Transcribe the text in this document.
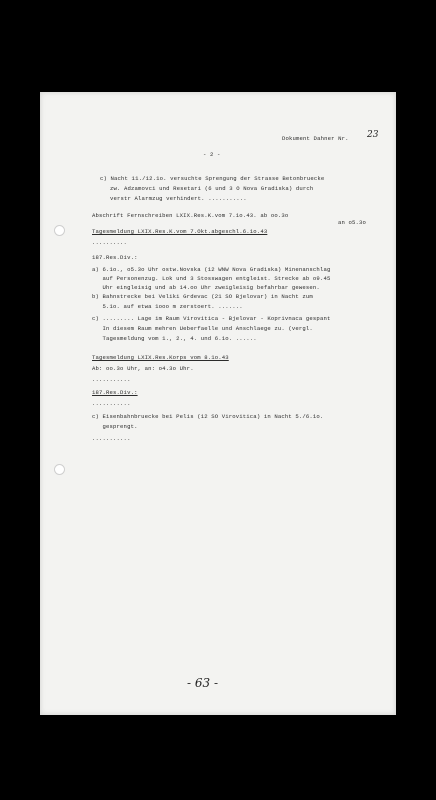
Dokument Dahner Nr. 23
- 2 -
c) Nacht 11./12.1o. versuchte Sprengung der Strasse Betonbruecke
zw. Adzamovci und Resetari (6 und 3 O Nova Gradiska) durch
verstr Alarmzug verhindert. ...........
Abschrift Fernschreiben LXIX.Res.K.vom 7.1o.43. ab oo.3o
an o5.3o
Tagesmeldung LXIX.Res.K.vom 7.Okt.abgeschl.6.1o.43
..........
187.Res.Div.:
a) 6.1o., o5.3o Uhr ostw.Novska (12 WNW Nova Gradiska) Minenanschlag
auf Personenzug. Lok und 3 Stosswagen entgleist. Strecke ab o9.45
Uhr eingleisig und ab 14.oo Uhr zweigleisig befahrbar gewesen.
b) Bahnstrecke bei Veliki Grdevac (21 SO Bjelovar) in Nacht zum
5.1o. auf etwa 1ooo m zerstoert. .......
c) ......... Lage im Raum Virovitica - Bjelovar - Koprivnaca gespant
In diesem Raum mehren Ueberfaelle und Anschlaege zu. (vergl.
Tagesmeldung vom 1., 2., 4. und 6.1o. ......
Tagesmeldung LXIX.Res.Korps vom 8.1o.43
Ab: oo.3o Uhr, an: o4.3o Uhr.
...........
187.Res.Div.:
...........
c) Eisenbahnbruecke bei Pelis (12 SO Virovitica) in Nacht 5./6.1o.
gesprengt.
...........
- 63 -
